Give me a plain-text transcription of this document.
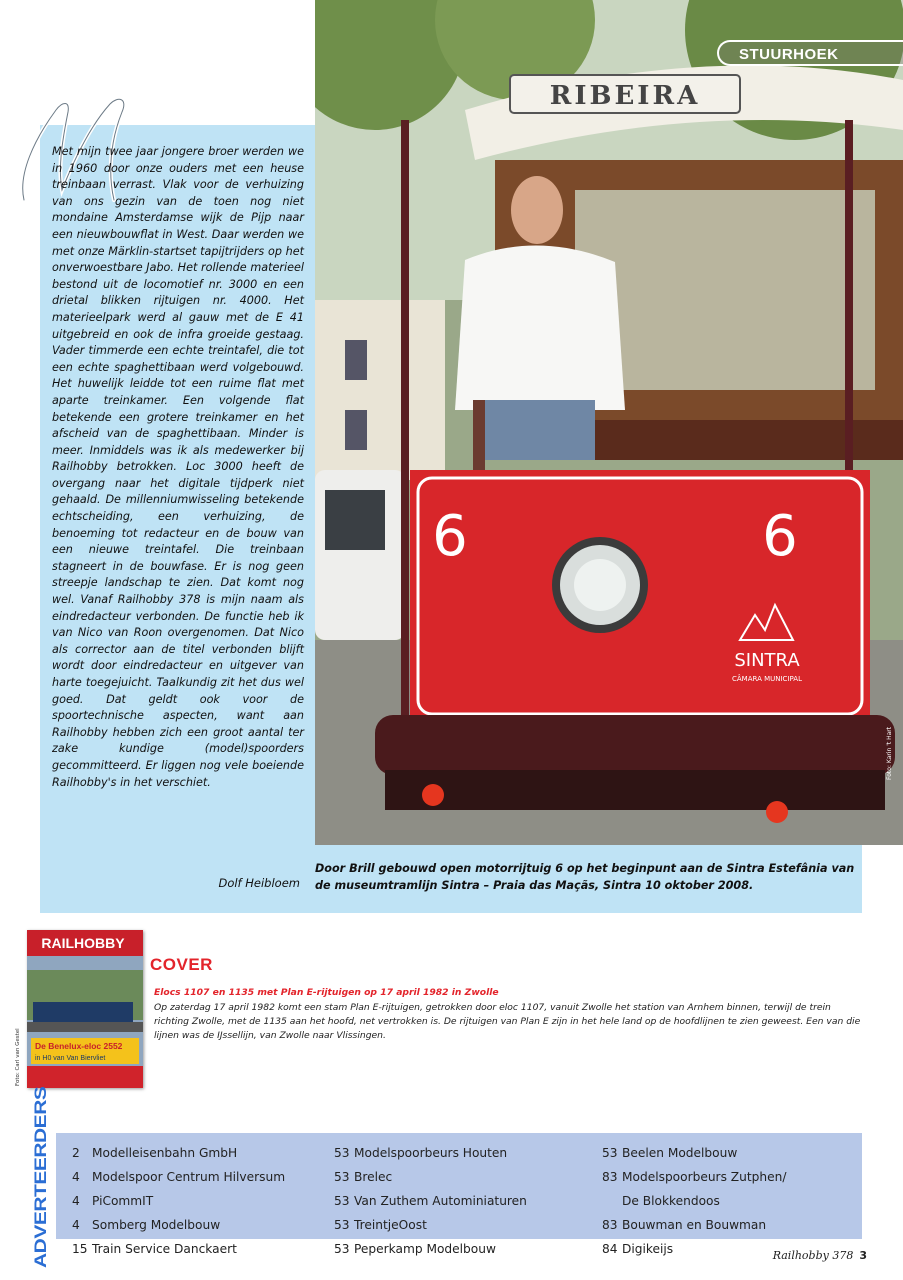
Met mijn twee jaar jongere broer werden we in 1960 door onze ouders met een heuse treinbaan verrast. Vlak voor de verhuizing van ons gezin van de toen nog niet mondaine Amsterdamse wijk de Pijp naar een nieuwbouwflat in West. Daar werden we met onze Märklin-startset tapijtrijders op het onverwoestbare Jabo. Het rollende materieel bestond uit de locomotief nr. 3000 en een drietal blikken rijtuigen nr. 4000. Het materieelpark werd al gauw met de E 41 uitgebreid en ook de infra groeide gestaag. Vader timmerde een echte treintafel, die tot een echte spaghettibaan werd volgebouwd. Het huwelijk leidde tot een ruime flat met aparte treinkamer. Een volgende flat betekende een grotere treinkamer en het afscheid van de spaghettibaan. Minder is meer. Inmiddels was ik als medewerker bij Railhobby betrokken. Loc 3000 heeft de overgang naar het digitale tijdperk niet gehaald. De millenniumwisseling betekende echtscheiding, een verhuizing, de benoeming tot redacteur en de bouw van een nieuwe treintafel. Die treinbaan stagneert in de bouwfase. Er is nog geen streepje landschap te zien. Dat komt nog wel. Vanaf Railhobby 378 is mijn naam als eindredacteur verbonden. De functie heb ik van Nico van Roon overgenomen. Dat Nico als corrector aan de titel verbonden blijft wordt door eindredacteur en uitgever van harte toegejuicht. Taalkundig zit het dus wel goed. Dat geldt ook voor de spoortechnische aspecten, want aan Railhobby hebben zich een groot aantal ter zake kundige (model)spoorders gecommitteerd. Er liggen nog vele boeiende Railhobby's in het verschiet.

Dolf Heibloem
RIBEIRA
6	6
SINTRA
CÂMARA MUNICIPAL
STUURHOEK
Foto: Karin 't Hart

Door Brill gebouwd open motorrijtuig 6 op het beginpunt aan de Sintra Estefânia van de museumtramlijn Sintra – Praia das Maçãs, Sintra 10 oktober 2008.

RAILHOBBY
De Benelux-eloc 2552
in H0 van Van Biervliet
Foto: Carl van Gestel
COVER

Elocs 1107 en 1135 met Plan E-rijtuigen op 17 april 1982 in Zwolle

Op zaterdag 17 april 1982 komt een stam Plan E-rijtuigen, getrokken door eloc 1107, vanuit Zwolle het station van Arnhem binnen, terwijl de trein richting Zwolle, met de 1135 aan het hoofd, net vertrokken is. De rijtuigen van Plan E zijn in het hele land op de hoofdlijnen te zien geweest. Een van die lijnen was de IJssellijn, van Zwolle naar Vlissingen.

ADVERTEERDERS 2 Modelleisenbahn GmbH
4 Modelspoor Centrum Hilversum
4 PiCommIT
4 Somberg Modelbouw
15 Train Service Danckaert
53 Modelspoorbeurs Houten
53 Brelec
53 Van Zuthem Autominiaturen
53 TreintjeOost
53 Peperkamp Modelbouw
53 Beelen Modelbouw
83 Modelspoorbeurs Zutphen/
De Blokkendoos
83 Bouwman en Bouwman
84 Digikeijs	Railhobby 378 3
